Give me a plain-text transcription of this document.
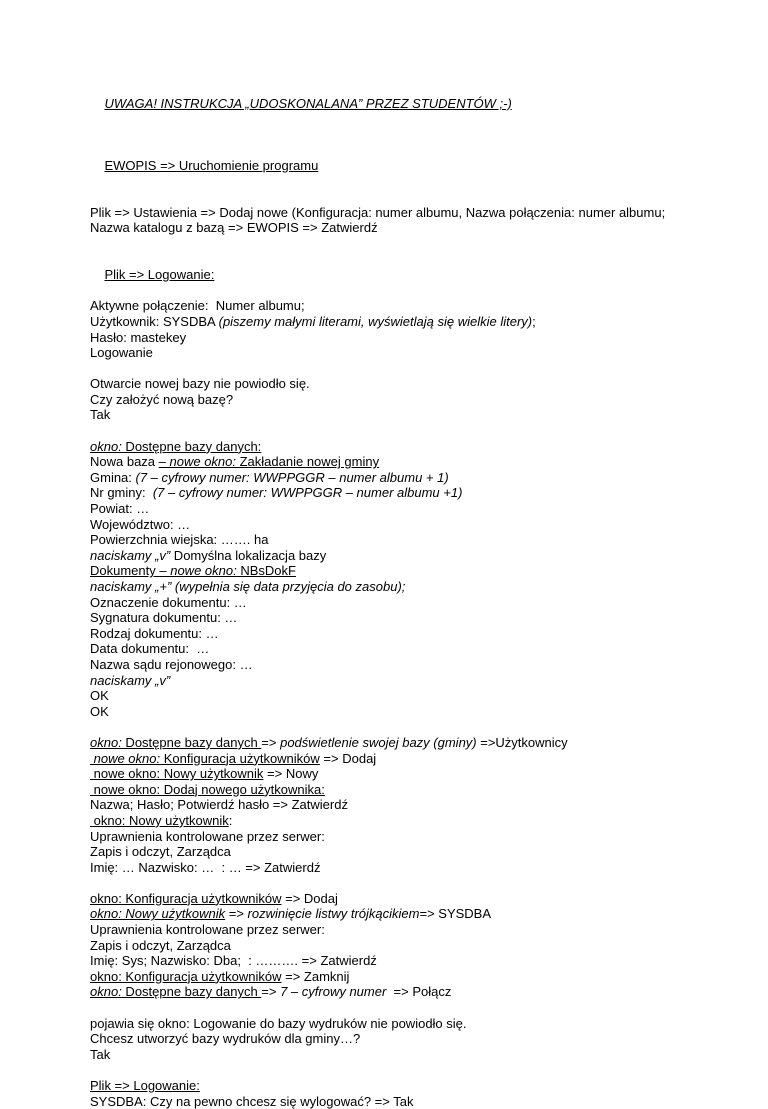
UWAGA! INSTRUKCJA „UDOSKONALANA” PRZEZ STUDENTÓW ;-)

EWOPIS => Uruchomienie programu

Plik => Ustawienia => Dodaj nowe (Konfiguracja: numer albumu, Nazwa połączenia: numer albumu;
Nazwa katalogu z bazą => EWOPIS => Zatwierdź

Plik => Logowanie:

Aktywne połączenie:  Numer albumu;
Użytkownik: SYSDBA (piszemy małymi literami, wyświetlają się wielkie litery);
Hasło: mastekey
Logowanie
Otwarcie nowej bazy nie powiodło się.
Czy założyć nową bazę?
Tak
okno: Dostępne bazy danych:
Nowa baza – nowe okno: Zakładanie nowej gminy
Gmina: (7 – cyfrowy numer: WWPPGGR – numer albumu + 1)
Nr gminy:  (7 – cyfrowy numer: WWPPGGR – numer albumu +1)
Powiat: …
Województwo: …
Powierzchnia wiejska: ……. ha
naciskamy „v” Domyślna lokalizacja bazy
Dokumenty – nowe okno: NBsDokF
naciskamy „+” (wypełnia się data przyjęcia do zasobu);
Oznaczenie dokumentu: …
Sygnatura dokumentu: …
Rodzaj dokumentu: …
Data dokumentu:  …
Nazwa sądu rejonowego: …
naciskamy „v”
OK
OK
okno: Dostępne bazy danych => podświetlenie swojej bazy (gminy) =>Użytkownicy
nowe okno: Konfiguracja użytkowników => Dodaj
nowe okno: Nowy użytkownik => Nowy
nowe okno: Dodaj nowego użytkownika:
Nazwa; Hasło; Potwierdź hasło => Zatwierdź
okno: Nowy użytkownik:
Uprawnienia kontrolowane przez serwer:
Zapis i odczyt, Zarządca
Imię: … Nazwisko: …  : … => Zatwierdź
okno: Konfiguracja użytkowników => Dodaj
okno: Nowy użytkownik => rozwinięcie listwy trójkącikiem=> SYSDBA
Uprawnienia kontrolowane przez serwer:
Zapis i odczyt, Zarządca
Imię: Sys; Nazwisko: Dba;  : ………. => Zatwierdź
okno: Konfiguracja użytkowników => Zamknij
okno: Dostępne bazy danych => 7 – cyfrowy numer  => Połącz
pojawia się okno: Logowanie do bazy wydruków nie powiodło się.
Chcesz utworzyć bazy wydruków dla gminy…?
Tak
Plik => Logowanie:
SYSDBA: Czy na pewno chcesz się wylogować? => Tak
